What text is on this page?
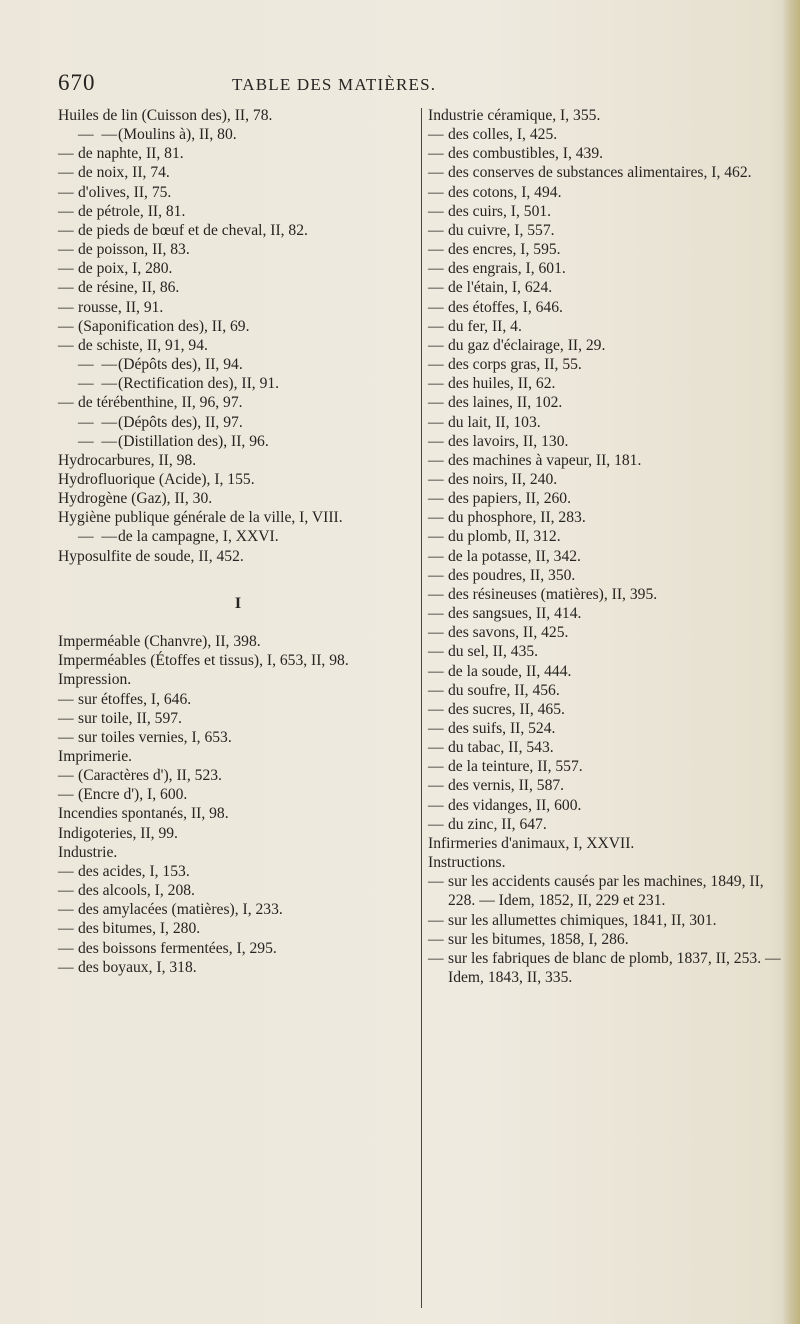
670	TABLE DES MATIÈRES.

Huiles de lin (Cuisson des), II, 78.

—  —(Moulins à), II, 80.

— de naphte, II, 81.

— de noix, II, 74.

— d'olives, II, 75.

— de pétrole, II, 81.

— de pieds de bœuf et de cheval, II, 82.

— de poisson, II, 83.

— de poix, I, 280.

— de résine, II, 86.

— rousse, II, 91.

— (Saponification des), II, 69.

— de schiste, II, 91, 94.

—  —(Dépôts des), II, 94.

—  —(Rectification des), II, 91.

— de térébenthine, II, 96, 97.

—  —(Dépôts des), II, 97.

—  —(Distillation des), II, 96.

Hydrocarbures, II, 98.

Hydrofluorique (Acide), I, 155.

Hydrogène (Gaz), II, 30.

Hygiène publique générale de la ville, I, VIII.

—  —de la campagne, I, XXVI.

Hyposulfite de soude, II, 452.

I

Imperméable (Chanvre), II, 398.

Imperméables (Étoffes et tissus), I, 653, II, 98.

Impression.

— sur étoffes, I, 646.

— sur toile, II, 597.

— sur toiles vernies, I, 653.

Imprimerie.

— (Caractères d'), II, 523.

— (Encre d'), I, 600.

Incendies spontanés, II, 98.

Indigoteries, II, 99.

Industrie.

— des acides, I, 153.

— des alcools, I, 208.

— des amylacées (matières), I, 233.

— des bitumes, I, 280.

— des boissons fermentées, I, 295.

— des boyaux, I, 318.

Industrie céramique, I, 355.

— des colles, I, 425.

— des combustibles, I, 439.

— des conserves de substances alimentaires, I, 462.

— des cotons, I, 494.

— des cuirs, I, 501.

— du cuivre, I, 557.

— des encres, I, 595.

— des engrais, I, 601.

— de l'étain, I, 624.

— des étoffes, I, 646.

— du fer, II, 4.

— du gaz d'éclairage, II, 29.

— des corps gras, II, 55.

— des huiles, II, 62.

— des laines, II, 102.

— du lait, II, 103.

— des lavoirs, II, 130.

— des machines à vapeur, II, 181.

— des noirs, II, 240.

— des papiers, II, 260.

— du phosphore, II, 283.

— du plomb, II, 312.

— de la potasse, II, 342.

— des poudres, II, 350.

— des résineuses (matières), II, 395.

— des sangsues, II, 414.

— des savons, II, 425.

— du sel, II, 435.

— de la soude, II, 444.

— du soufre, II, 456.

— des sucres, II, 465.

— des suifs, II, 524.

— du tabac, II, 543.

— de la teinture, II, 557.

— des vernis, II, 587.

— des vidanges, II, 600.

— du zinc, II, 647.

Infirmeries d'animaux, I, XXVII.

Instructions.

— sur les accidents causés par les machines, 1849, II, 228. — Idem, 1852, II, 229 et 231.

— sur les allumettes chimiques, 1841, II, 301.

— sur les bitumes, 1858, I, 286.

— sur les fabriques de blanc de plomb, 1837, II, 253. — Idem, 1843, II, 335.
